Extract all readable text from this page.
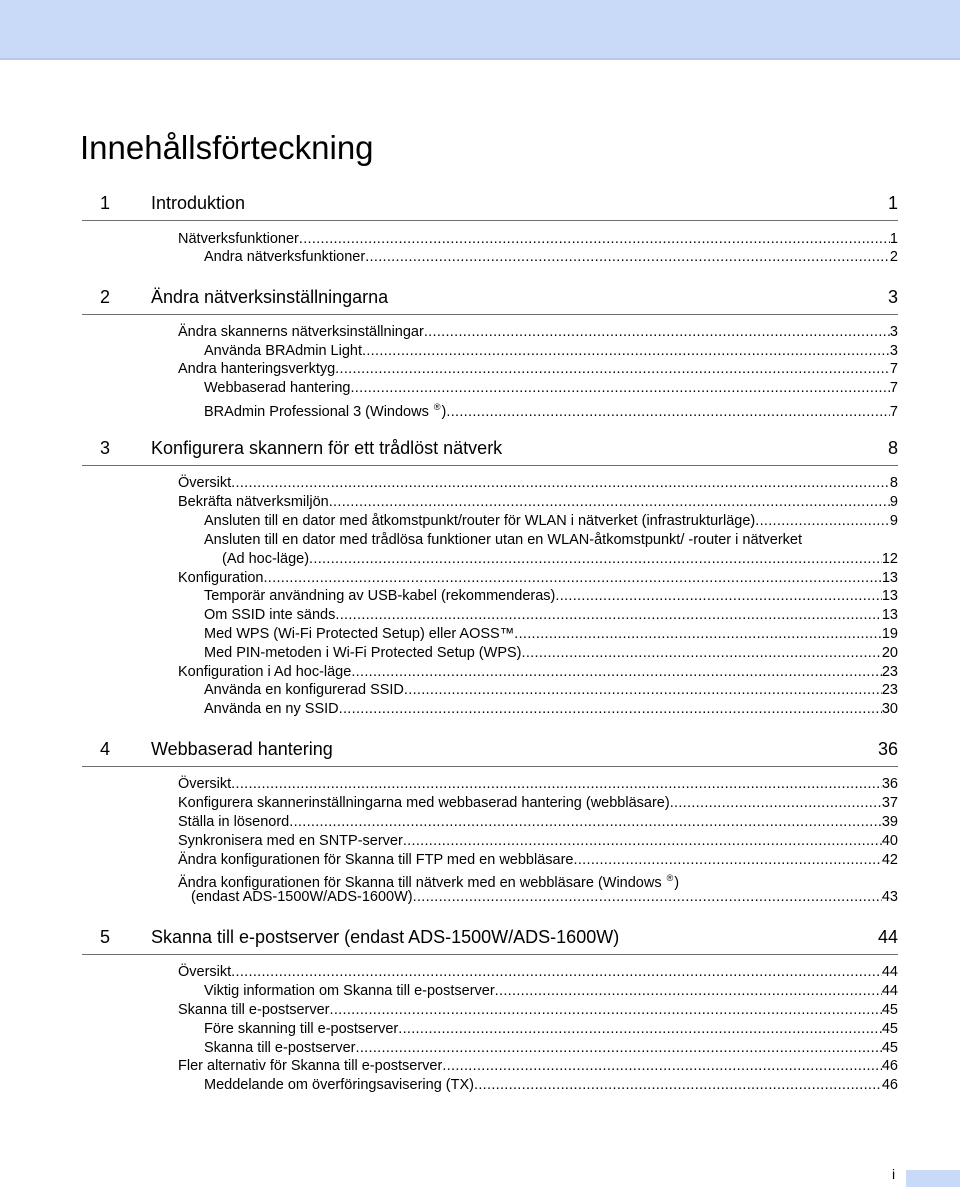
Innehållsförteckning
1 Introduktion	1
Nätverksfunktioner .....	1
Andra nätverksfunktioner .....	2
2 Ändra nätverksinställningarna	3
Ändra skannerns nätverksinställningar .....	3
Använda BRAdmin Light .....	3
Andra hanteringsverktyg .....	7
Webbaserad hantering .....	7
BRAdmin Professional 3 (Windows ®) .....	7
3 Konfigurera skannern för ett trådlöst nätverk	8
Översikt .....	8
Bekräfta nätverksmiljön .....	9
Ansluten till en dator med åtkomstpunkt/router för WLAN i nätverket (infrastrukturläge) .....	9
Ansluten till en dator med trådlösa funktioner utan en WLAN-åtkomstpunkt/ -router i nätverket
(Ad hoc-läge) .....	12
Konfiguration .....	13
Temporär användning av USB-kabel (rekommenderas) .....	13
Om SSID inte sänds .....	13
Med WPS (Wi-Fi Protected Setup) eller AOSS™ .....	19
Med PIN-metoden i Wi-Fi Protected Setup (WPS) .....	20
Konfiguration i Ad hoc-läge .....	23
Använda en konfigurerad SSID .....	23
Använda en ny SSID .....	30
4 Webbaserad hantering	36
Översikt .....	36
Konfigurera skannerinställningarna med webbaserad hantering (webbläsare) .....	37
Ställa in lösenord .....	39
Synkronisera med en SNTP-server .....	40
Ändra konfigurationen för Skanna till FTP med en webbläsare .....	42
Ändra konfigurationen för Skanna till nätverk med en webbläsare (Windows ®)
(endast ADS-1500W/ADS-1600W) .....	43
5 Skanna till e-postserver (endast ADS-1500W/ADS-1600W)	44
Översikt .....	44
Viktig information om Skanna till e-postserver .....	44
Skanna till e-postserver .....	45
Före skanning till e-postserver .....	45
Skanna till e-postserver .....	45
Fler alternativ för Skanna till e-postserver .....	46
Meddelande om överföringsavisering (TX) .....	46
i
